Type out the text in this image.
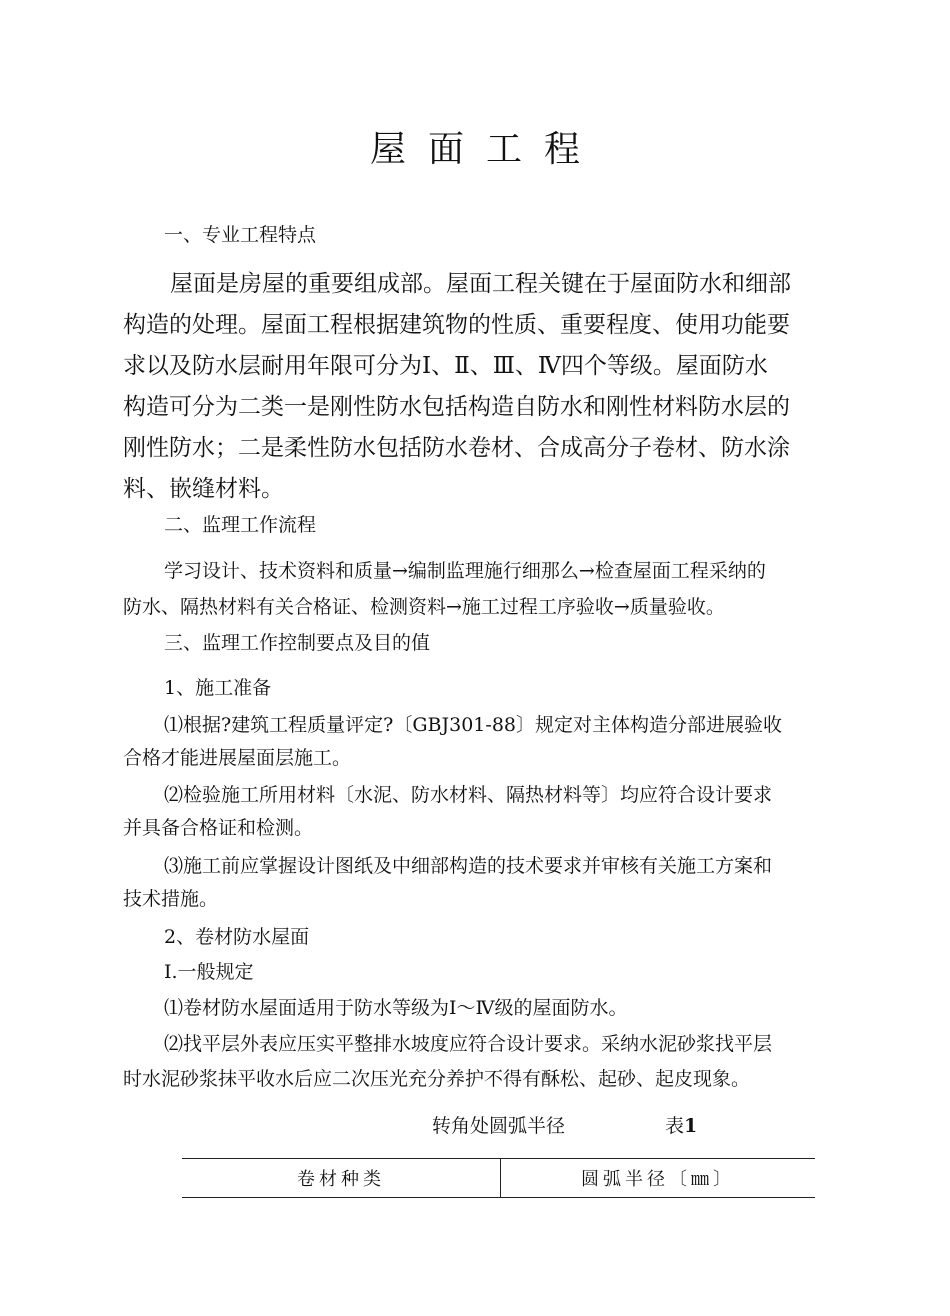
屋面工程
一、专业工程特点
屋面是房屋的重要组成部。屋面工程关键在于屋面防水和细部
构造的处理。屋面工程根据建筑物的性质、重要程度、使用功能要
求以及防水层耐用年限可分为Ⅰ、Ⅱ、Ⅲ、Ⅳ四个等级。屋面防水
构造可分为二类一是刚性防水包括构造自防水和刚性材料防水层的
刚性防水；二是柔性防水包括防水卷材、合成高分子卷材、防水涂
料、嵌缝材料。
二、监理工作流程
学习设计、技术资料和质量→编制监理施行细那么→检查屋面工程采纳的
防水、隔热材料有关合格证、检测资料→施工过程工序验收→质量验收。
三、监理工作控制要点及目的值
1、施工准备
⑴根据?建筑工程质量评定?〔GBJ301-88〕规定对主体构造分部进展验收
合格才能进展屋面层施工。
⑵检验施工所用材料〔水泥、防水材料、隔热材料等〕均应符合设计要求
并具备合格证和检测。
⑶施工前应掌握设计图纸及中细部构造的技术要求并审核有关施工方案和
技术措施。
2、卷材防水屋面
I.一般规定
⑴卷材防水屋面适用于防水等级为Ⅰ～Ⅳ级的屋面防水。
⑵找平层外表应压实平整排水坡度应符合设计要求。采纳水泥砂浆找平层
时水泥砂浆抹平收水后应二次压光充分养护不得有酥松、起砂、起皮现象。
转角处圆弧半径	表1
卷材种类	圆弧半径〔㎜〕
